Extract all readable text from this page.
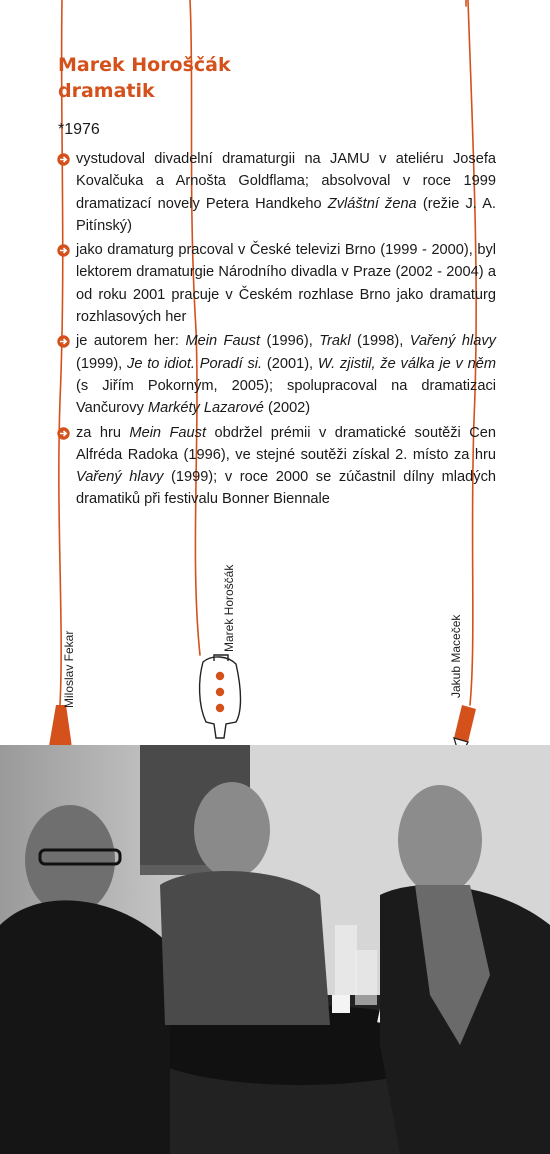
Marek Horoščák
dramatik
*1976
vystudoval divadelní dramaturgii na JAMU v ateliéru Josefa Kovalčuka a Arnošta Goldflama; absolvoval v roce 1999 dramatizací novely Petera Handkeho Zvláštní žena (režie J. A. Pitínský)
jako dramaturg pracoval v České televizi Brno (1999 - 2000), byl lektorem dramaturgie Národního divadla v Praze (2002 - 2004) a od roku 2001 pracuje v Českém rozhlase Brno jako dramaturg rozhlasových her
je autorem her: Mein Faust (1996), Trakl (1998), Vařený hlavy (1999), Je to idiot. Poradí si. (2001), W. zjistil, že válka je v něm (s Jiřím Pokorným, 2005); spolupracoval na dramatizaci Vančurovy Markéty Lazarové (2002)
za hru Mein Faust obdržel prémii v dramatické soutěži Cen Alfréda Radoka (1996), ve stejné soutěži získal 2. místo za hru Vařený hlavy (1999); v roce 2000 se zúčastnil dílny mladých dramatiků při festivalu Bonner Biennale
Miloslav Fekar
Marek Horoščák
Jakub Maceček
